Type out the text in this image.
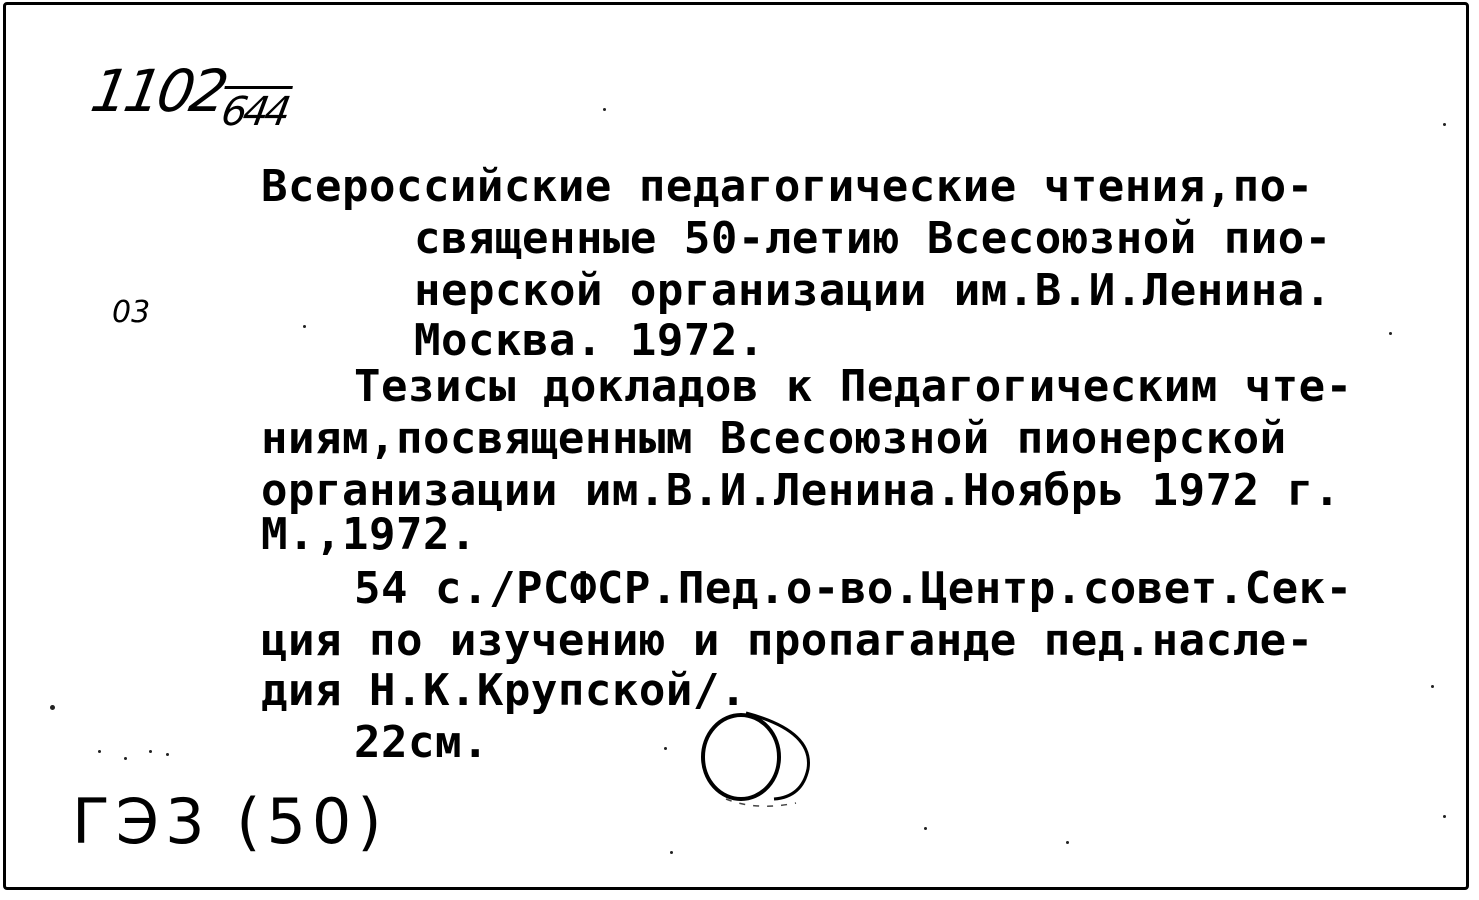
$1102_{644}$
03
Всероссийские педагогические чтения,по-
священные 50-летию Всесоюзной пио-
нерской организации им.В.И.Ленина.
Москва. 1972.
Тезисы докладов к Педагогическим чте-
ниям,посвященным Всесоюзной пионерской
организации им.В.И.Ленина.Ноябрь 1972 г.
М.,1972.
54 с./РСФСР.Пед.о-во.Центр.совет.Сек-
ция по изучению и пропаганде пед.насле-
дия Н.К.Крупской/.
22см.
ГЭ3 (50)
